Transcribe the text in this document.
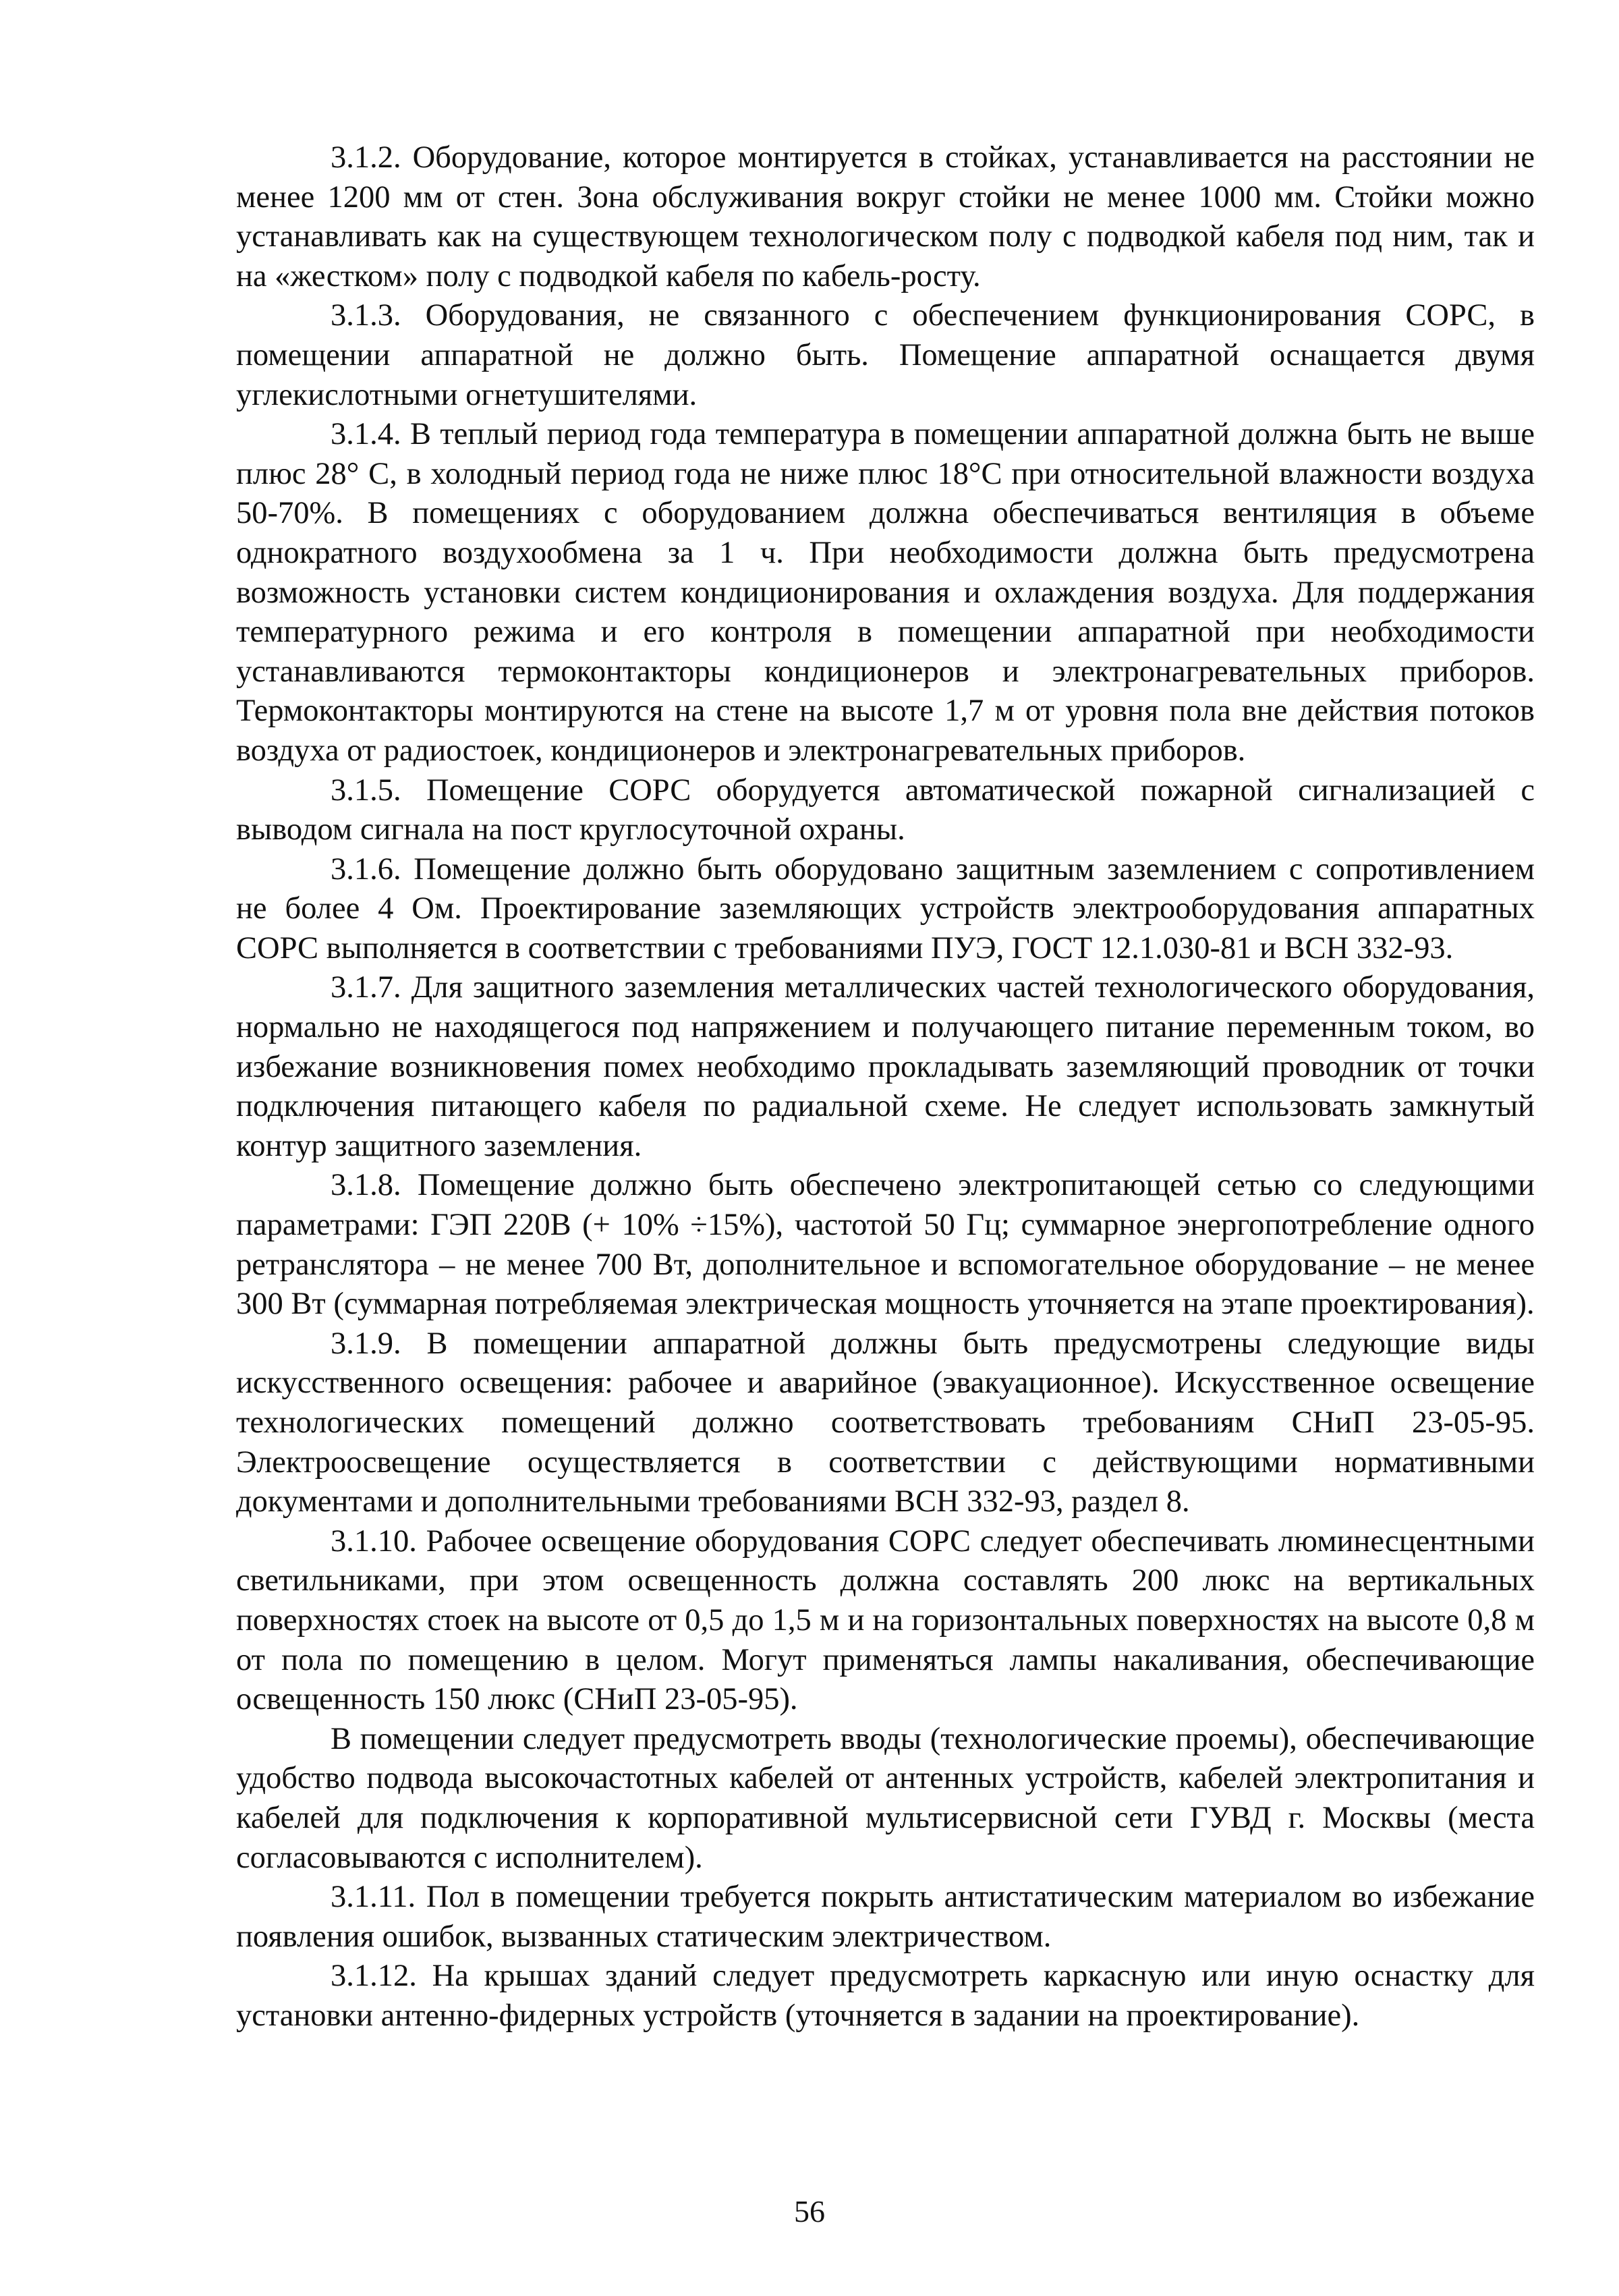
3.1.2. Оборудование, которое монтируется в стойках, устанавливается на расстоянии не менее 1200 мм от стен. Зона обслуживания вокруг стойки не менее 1000 мм. Стойки можно устанавливать как на существующем технологическом полу с подводкой кабеля под ним, так и на «жестком» полу с подводкой кабеля по кабель-росту.

3.1.3. Оборудования, не связанного с обеспечением функционирования СОРС, в помещении аппаратной не должно быть. Помещение аппаратной оснащается двумя углекислотными огнетушителями.

3.1.4. В теплый период года температура в помещении аппаратной должна быть не выше плюс 28° С, в холодный период года не ниже плюс 18°С при относительной влажности воздуха 50-70%. В помещениях с оборудованием должна обеспечиваться вентиляция в объеме однократного воздухообмена за 1 ч. При необходимости должна быть предусмотрена возможность установки систем кондиционирования и охлаждения воздуха. Для поддержания температурного режима и его контроля в помещении аппаратной при необходимости устанавливаются термоконтакторы кондиционеров и электронагревательных приборов. Термоконтакторы монтируются на стене на высоте 1,7 м от уровня пола вне действия потоков воздуха от радиостоек, кондиционеров и электронагревательных приборов.

3.1.5. Помещение СОРС оборудуется автоматической пожарной сигнализацией с выводом сигнала на пост круглосуточной охраны.

3.1.6. Помещение должно быть оборудовано защитным заземлением с сопротивлением не более 4 Ом. Проектирование заземляющих устройств электрооборудования аппаратных СОРС выполняется в соответствии с требованиями ПУЭ, ГОСТ 12.1.030-81 и ВСН 332-93.

3.1.7. Для защитного заземления металлических частей технологического оборудования, нормально не находящегося под напряжением и получающего питание переменным током, во избежание возникновения помех необходимо прокладывать заземляющий проводник от точки подключения питающего кабеля по радиальной схеме. Не следует использовать замкнутый контур защитного заземления.

3.1.8. Помещение должно быть обеспечено электропитающей сетью со следующими параметрами: ГЭП 220В (+ 10% ÷15%), частотой 50 Гц; суммарное энергопотребление одного ретранслятора – не менее 700 Вт, дополнительное и вспомогательное оборудование – не менее 300 Вт (суммарная потребляемая электрическая мощность уточняется на этапе проектирования).

3.1.9. В помещении аппаратной должны быть предусмотрены следующие виды искусственного освещения: рабочее и аварийное (эвакуационное). Искусственное освещение технологических помещений должно соответствовать требованиям СНиП 23-05-95. Электроосвещение осуществляется в соответствии с действующими нормативными документами и дополнительными требованиями ВСН 332-93, раздел 8.

3.1.10. Рабочее освещение оборудования СОРС следует обеспечивать люминесцентными светильниками, при этом освещенность должна составлять 200 люкс на вертикальных поверхностях стоек на высоте от 0,5 до 1,5 м и на горизонтальных поверхностях на высоте 0,8 м от пола по помещению в целом. Могут применяться лампы накаливания, обеспечивающие освещенность 150 люкс (СНиП 23-05-95).

В помещении следует предусмотреть вводы (технологические проемы), обеспечивающие удобство подвода высокочастотных кабелей от антенных устройств, кабелей электропитания и кабелей для подключения к корпоративной мультисервисной сети ГУВД г. Москвы (места согласовываются с исполнителем).

3.1.11. Пол в помещении требуется покрыть антистатическим материалом во избежание появления ошибок, вызванных статическим электричеством.

3.1.12. На крышах зданий следует предусмотреть каркасную или иную оснастку для установки антенно-фидерных устройств (уточняется в задании на проектирование).

56
